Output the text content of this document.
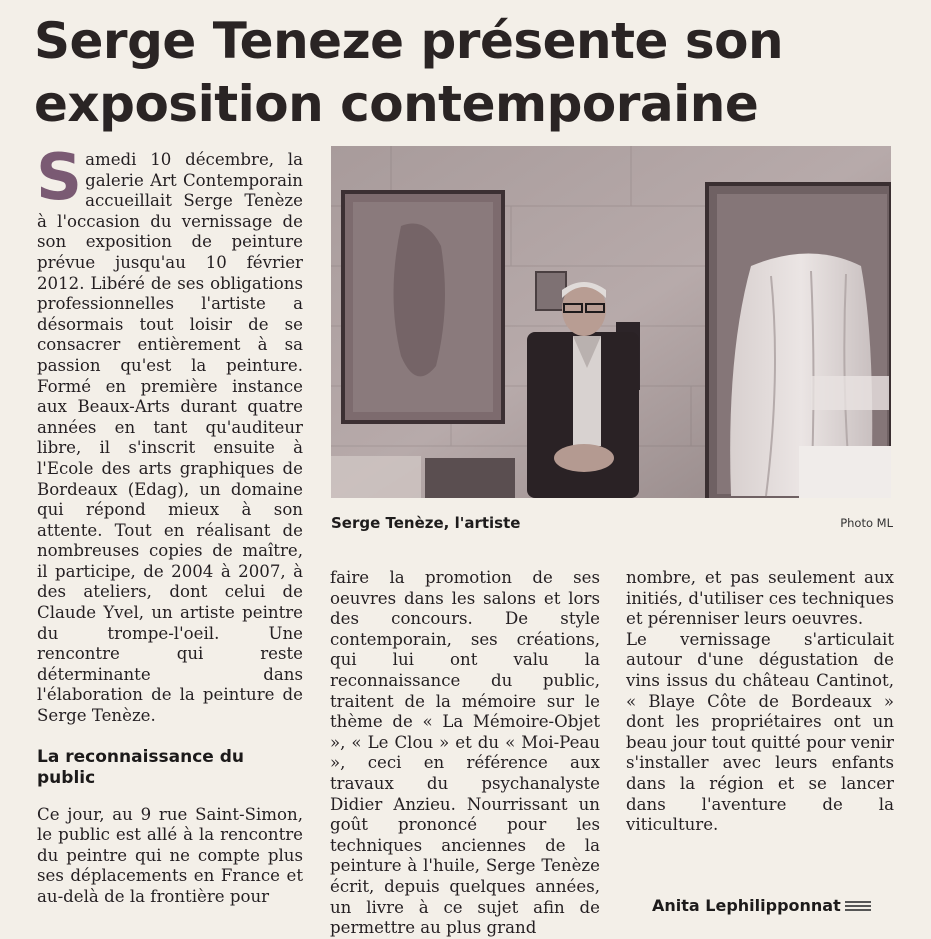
Serge Teneze présente son
exposition contemporaine

Samedi 10 décembre, la galerie Art Contemporain accueillait Serge Tenèze à l'occasion du vernissage de son exposition de peinture prévue jusqu'au 10 février 2012. Libéré de ses obligations professionnelles l'artiste a désormais tout loisir de se consacrer entièrement à sa passion qu'est la peinture. Formé en première instance aux Beaux-Arts durant quatre années en tant qu'auditeur libre, il s'inscrit ensuite à l'Ecole des arts graphiques de Bordeaux (Edag), un domaine qui répond mieux à son attente. Tout en réalisant de nombreuses copies de maître, il participe, de 2004 à 2007, à des ateliers, dont celui de Claude Yvel, un artiste peintre du trompe-l'oeil. Une rencontre qui reste déterminante dans l'élaboration de la peinture de Serge Tenèze.

La reconnaissance du public

Ce jour, au 9 rue Saint-Simon, le public est allé à la rencontre du peintre qui ne compte plus ses déplacements en France et au-delà de la frontière pour

Serge Tenèze, l'artiste	Photo ML

faire la promotion de ses oeuvres dans les salons et lors des concours. De style contemporain, ses créations, qui lui ont valu la reconnaissance du public, traitent de la mémoire sur le thème de « La Mémoire-Objet », « Le Clou » et du « Moi-Peau », ceci en référence aux travaux du psychanalyste Didier Anzieu. Nourrissant un goût prononcé pour les techniques anciennes de la peinture à l'huile, Serge Tenèze écrit, depuis quelques années, un livre à ce sujet afin de permettre au plus grand

nombre, et pas seulement aux initiés, d'utiliser ces techniques et pérenniser leurs oeuvres.

Le vernissage s'articulait autour d'une dégustation de vins issus du château Cantinot, « Blaye Côte de Bordeaux » dont les propriétaires ont un beau jour tout quitté pour venir s'installer avec leurs enfants dans la région et se lancer dans l'aventure de la viticulture.

Anita Lephilipponnat
